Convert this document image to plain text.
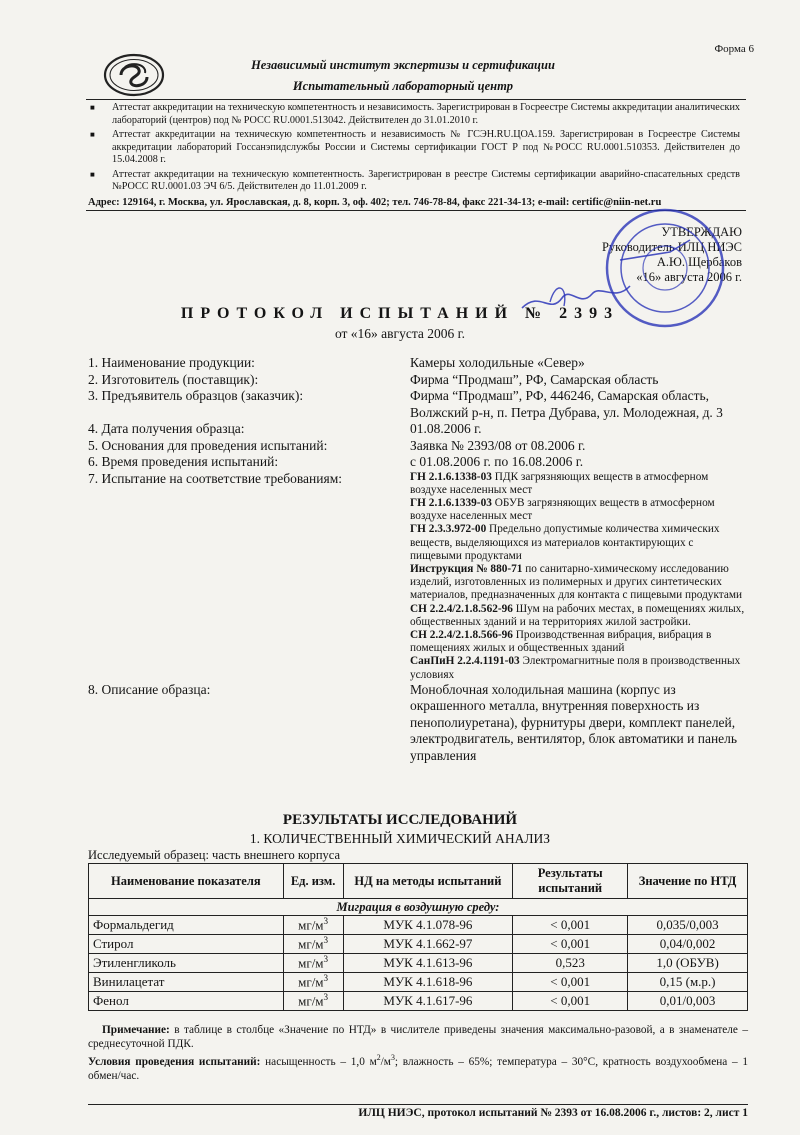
Форма 6
Независимый институт экспертизы и сертификации
Испытательный лабораторный центр
■ Аттестат аккредитации на техническую компетентность и независимость. Зарегистрирован в Госреестре Системы аккредитации аналитических лабораторий (центров) под № РОСС RU.0001.513042. Действителен до 31.01.2010 г.
■ Аттестат аккредитации на техническую компетентность и независимость № ГСЭН.RU.ЦОА.159. Зарегистрирован в Госреестре Системы аккредитации лабораторий Госсанэпидслужбы России и Системы сертификации ГОСТ Р под №РОСС RU.0001.510353. Действителен до 15.04.2008 г.
■ Аттестат аккредитации на техническую компетентность. Зарегистрирован в реестре Системы сертификации аварийно-спасательных средств №РОСС RU.0001.03 ЭЧ 6/5. Действителен до 11.01.2009 г.
Адрес: 129164, г. Москва, ул. Ярославская, д. 8, корп. 3, оф. 402; тел. 746-78-84, факс 221-34-13; e-mail: certific@niin-net.ru
УТВЕРЖДАЮ
Руководитель ИЛЦ НИЭС
А.Ю. Щербаков
«16» августа 2006 г.
ПРОТОКОЛ ИСПЫТАНИЙ № 2393
от «16» августа 2006 г.
1. Наименование продукции:	Камеры холодильные «Север»
2. Изготовитель (поставщик):	Фирма “Продмаш”, РФ, Самарская область
3. Предъявитель образцов (заказчик):	Фирма “Продмаш”, РФ, 446246, Самарская область, Волжский р-н, п. Петра Дубрава, ул. Молодежная, д. 3
4. Дата получения образца:	01.08.2006 г.
5. Основания для проведения испытаний:	Заявка № 2393/08 от 08.2006 г.
6. Время проведения испытаний:	с 01.08.2006 г. по 16.08.2006 г.
7. Испытание на соответствие требованиям:	ГН 2.1.6.1338-03 ПДК загрязняющих веществ в атмосферном воздухе населенных мест
ГН 2.1.6.1339-03 ОБУВ загрязняющих веществ в атмосферном воздухе населенных мест
ГН 2.3.3.972-00 Предельно допустимые количества химических веществ, выделяющихся из материалов контактирующих с пищевыми продуктами
Инструкция № 880-71 по санитарно-химическому исследованию изделий, изготовленных из полимерных и других синтетических материалов, предназначенных для контакта с пищевыми продуктами
СН 2.2.4/2.1.8.562-96 Шум на рабочих местах, в помещениях жилых, общественных зданий и на территориях жилой застройки.
СН 2.2.4/2.1.8.566-96 Производственная вибрация, вибрация в помещениях жилых и общественных зданий
СанПиН 2.2.4.1191-03 Электромагнитные поля в производственных условиях
8. Описание образца:	Моноблочная холодильная машина (корпус из окрашенного металла, внутренняя поверхность из пенополиуретана), фурнитуры двери, комплект панелей, электродвигатель, вентилятор, блок автоматики и панель управления
РЕЗУЛЬТАТЫ ИССЛЕДОВАНИЙ
1. КОЛИЧЕСТВЕННЫЙ ХИМИЧЕСКИЙ АНАЛИЗ
Исследуемый образец: часть внешнего корпуса
Наименование показателя	Ед. изм.	НД на методы испытаний	Результаты испытаний	Значение по НТД
Миграция в воздушную среду:				
Формальдегид	$мг/м^3$	МУК 4.1.078-96	< 0,001	0,035/0,003
Стирол	$мг/м^3$	МУК 4.1.662-97	< 0,001	0,04/0,002
Этиленгликоль	$мг/м^3$	МУК 4.1.613-96	0,523	1,0 (ОБУВ)
Винилацетат	$мг/м^3$	МУК 4.1.618-96	< 0,001	0,15 (м.р.)
Фенол	$мг/м^3$	МУК 4.1.617-96	< 0,001	0,01/0,003
Примечание: в таблице в столбце «Значение по НТД» в числителе приведены значения максимально-разовой, а в знаменателе – среднесуточной ПДК.
Условия проведения испытаний: насыщенность – 1,0 $м^2/м^3$; влажность – 65%; температура – 30°С, кратность воздухообмена – 1 обмен/час.
ИЛЦ НИЭС, протокол испытаний № 2393 от 16.08.2006 г., листов: 2, лист 1
